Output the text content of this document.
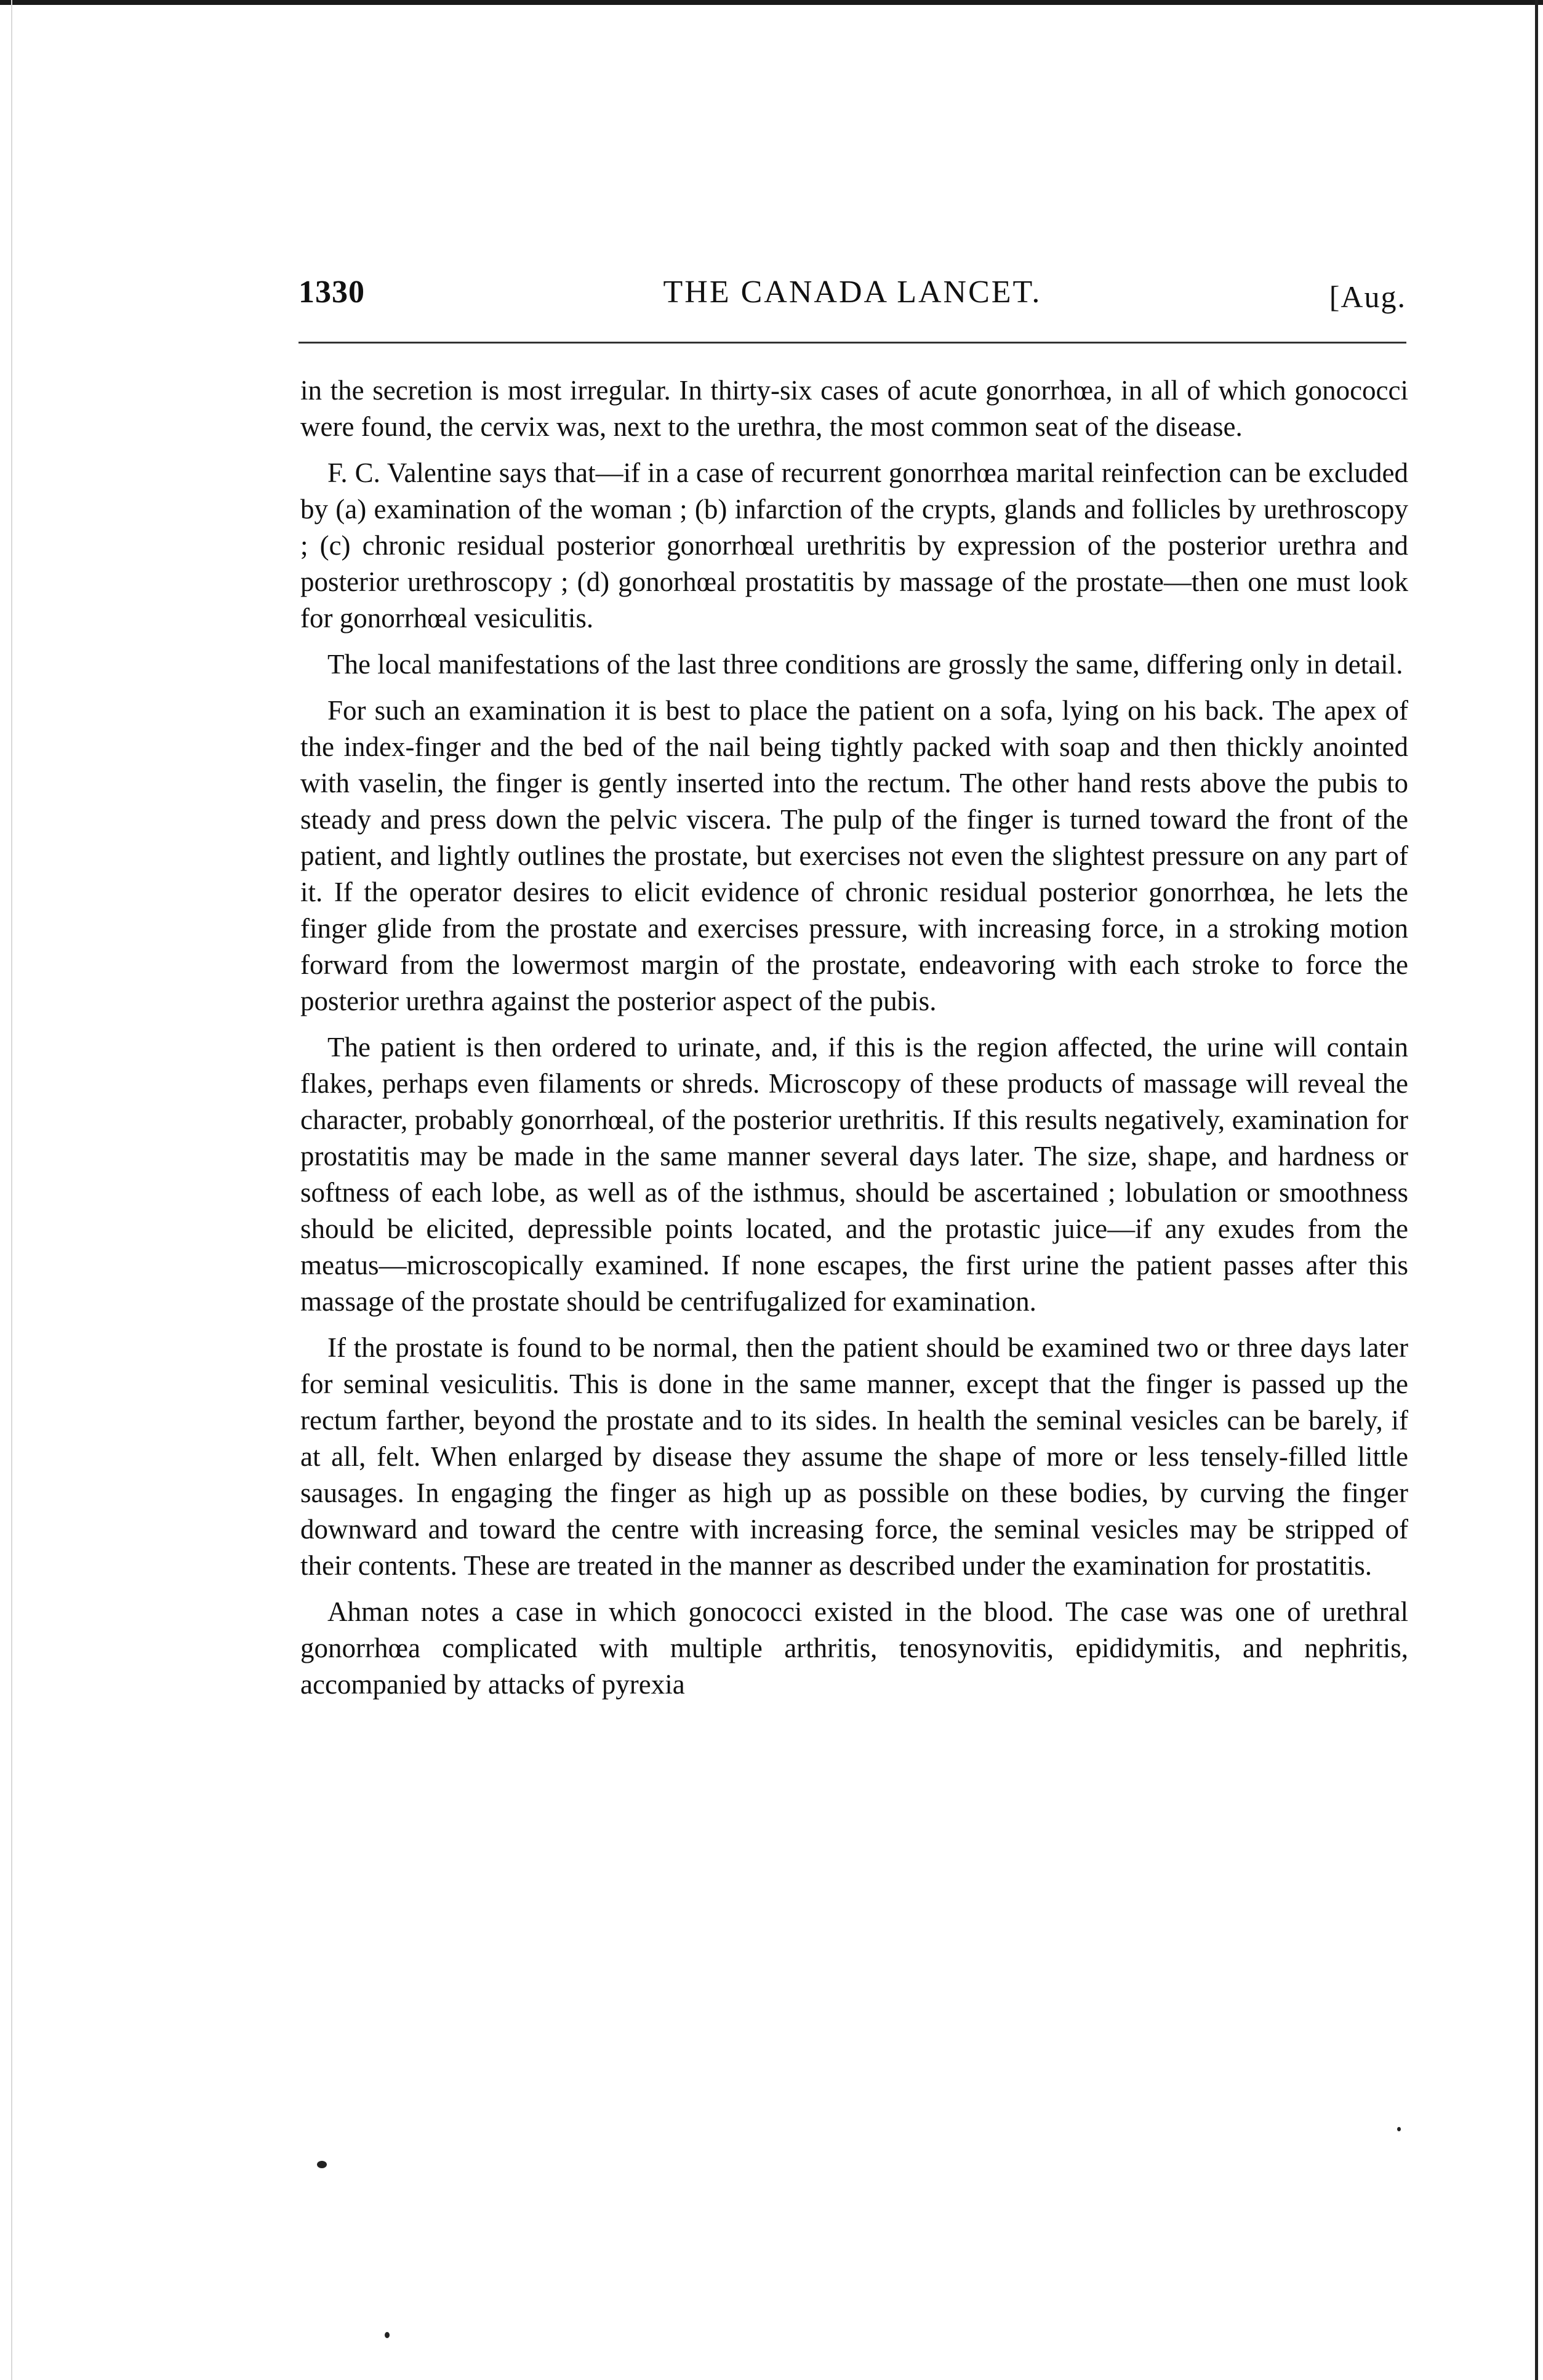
1330	THE CANADA LANCET.	[Aug.

in the secretion is most irregular. In thirty-six cases of acute gonorrhœa, in all of which gonococci were found, the cervix was, next to the urethra, the most common seat of the disease.

F. C. Valentine says that—if in a case of recurrent gonorrhœa marital reinfection can be excluded by (a) examination of the woman ; (b) infarction of the crypts, glands and follicles by urethroscopy ; (c) chronic residual posterior gonorrhœal urethritis by expression of the posterior urethra and posterior urethroscopy ; (d) gonorhœal prostatitis by massage of the prostate—then one must look for gonorrhœal vesiculitis.

The local manifestations of the last three conditions are grossly the same, differing only in detail.

For such an examination it is best to place the patient on a sofa, lying on his back. The apex of the index-finger and the bed of the nail being tightly packed with soap and then thickly anointed with vaselin, the finger is gently inserted into the rectum. The other hand rests above the pubis to steady and press down the pelvic viscera. The pulp of the finger is turned toward the front of the patient, and lightly outlines the prostate, but exercises not even the slightest pressure on any part of it. If the operator desires to elicit evidence of chronic residual posterior gonorrhœa, he lets the finger glide from the prostate and exercises pressure, with increasing force, in a stroking motion forward from the lowermost margin of the prostate, endeavoring with each stroke to force the posterior urethra against the posterior aspect of the pubis.

The patient is then ordered to urinate, and, if this is the region affected, the urine will contain flakes, perhaps even filaments or shreds. Microscopy of these products of massage will reveal the character, probably gonorrhœal, of the posterior urethritis. If this results negatively, examination for prostatitis may be made in the same manner several days later. The size, shape, and hardness or softness of each lobe, as well as of the isthmus, should be ascertained ; lobulation or smoothness should be elicited, depressible points located, and the protastic juice—if any exudes from the meatus—microscopically examined. If none escapes, the first urine the patient passes after this massage of the prostate should be centrifugalized for examination.

If the prostate is found to be normal, then the patient should be examined two or three days later for seminal vesiculitis. This is done in the same manner, except that the finger is passed up the rectum farther, beyond the prostate and to its sides. In health the seminal vesicles can be barely, if at all, felt. When enlarged by disease they assume the shape of more or less tensely-filled little sausages. In engaging the finger as high up as possible on these bodies, by curving the finger downward and toward the centre with increasing force, the seminal vesicles may be stripped of their contents. These are treated in the manner as described under the examination for prostatitis.

Ahman notes a case in which gonococci existed in the blood. The case was one of urethral gonorrhœa complicated with multiple arthritis, tenosynovitis, epididymitis, and nephritis, accompanied by attacks of pyrexia
